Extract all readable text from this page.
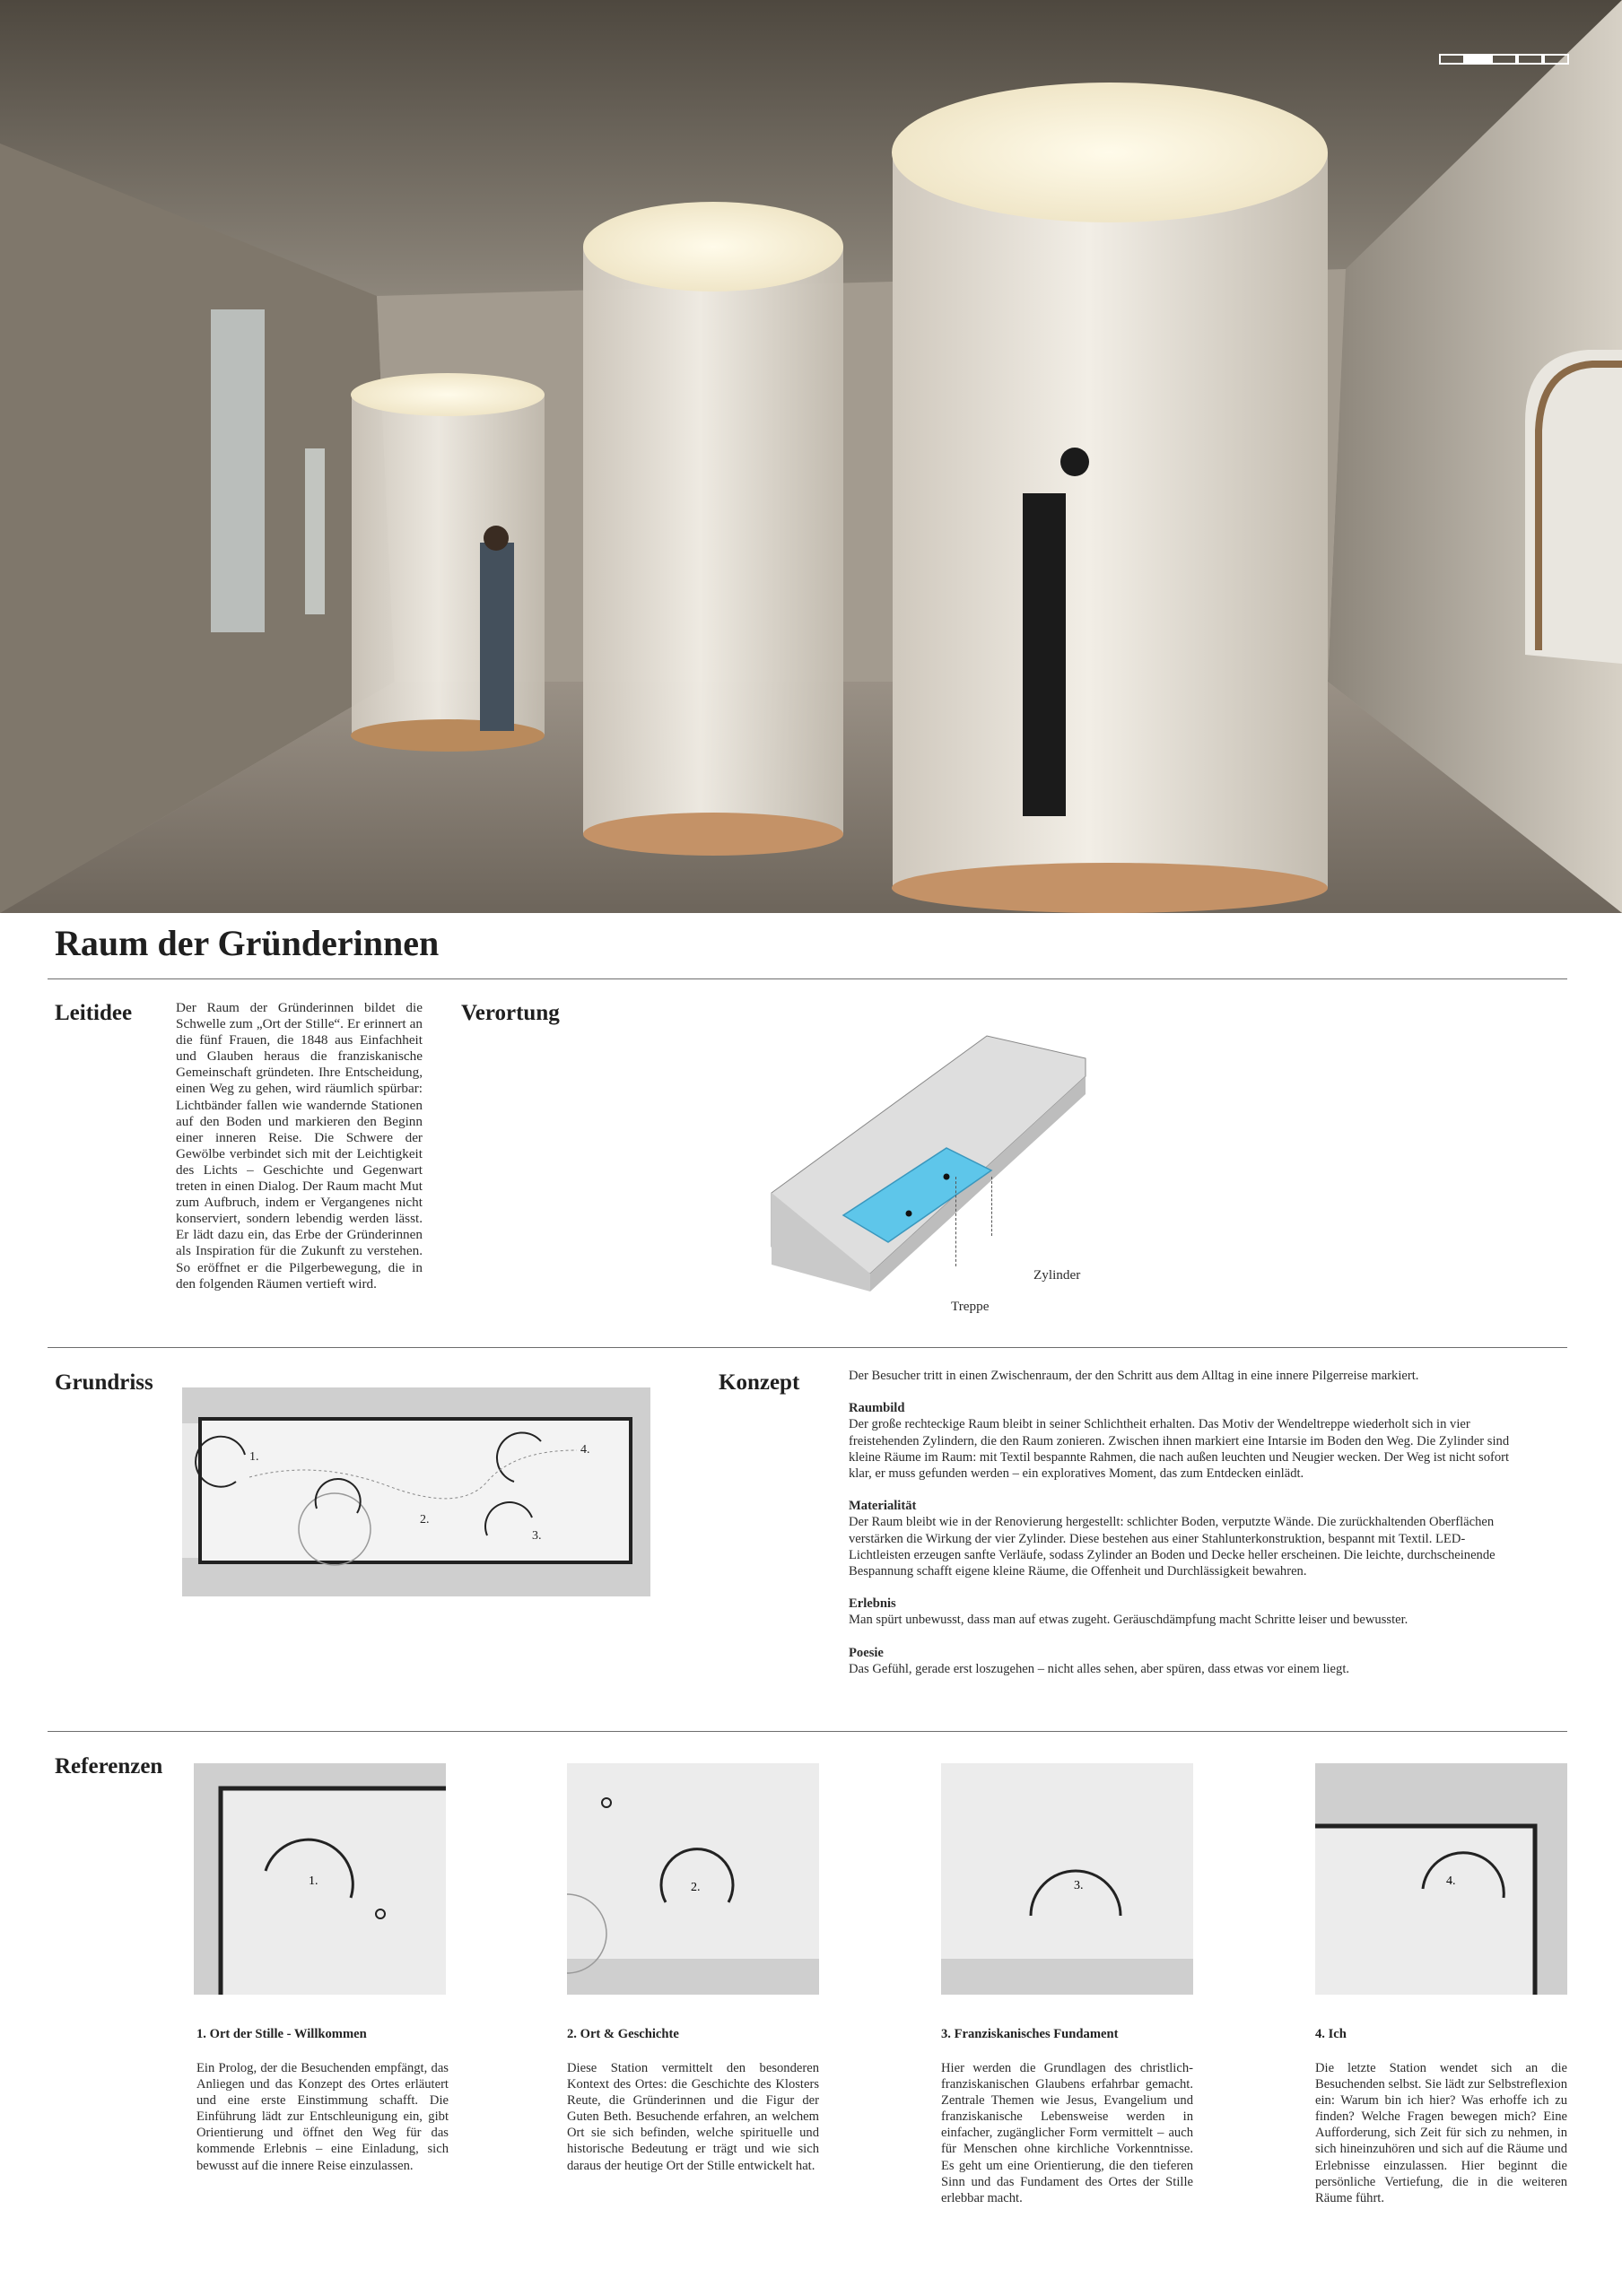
Raum der Gründerinnen
Leitidee	Der Raum der Gründerinnen bildet die Schwelle zum „Ort der Stille“. Er erinnert an die fünf Frauen, die 1848 aus Einfachheit und Glauben heraus die franziskanische Gemeinschaft gründeten. Ihre Entscheidung, einen Weg zu gehen, wird räumlich spürbar: Lichtbänder fallen wie wandernde Stationen auf den Boden und markieren den Beginn einer inneren Reise. Die Schwere der Gewölbe verbindet sich mit der Leichtigkeit des Lichts – Geschichte und Gegenwart treten in einen Dialog. Der Raum macht Mut zum Aufbruch, indem er Vergangenes nicht konserviert, sondern lebendig werden lässt. Er lädt dazu ein, das Erbe der Gründerinnen als Inspiration für die Zukunft zu verstehen. So eröffnet er die Pilgerbewegung, die in den folgenden Räumen vertieft wird.
Verortung
Zylinder
Treppe
Grundriss
1.
2.
3.
4.
Konzept	Der Besucher tritt in einen Zwischenraum, der den Schritt aus dem Alltag in eine innere Pilgerreise markiert.

Raumbild
Der große rechteckige Raum bleibt in seiner Schlichtheit erhalten. Das Motiv der Wendeltreppe wiederholt sich in vier freistehenden Zylindern, die den Raum zonieren. Zwischen ihnen markiert eine Intarsie im Boden den Weg. Die Zylinder sind kleine Räume im Raum: mit Textil bespannte Rahmen, die nach außen leuchten und Neugier wecken. Der Weg ist nicht sofort klar, er muss gefunden werden – ein exploratives Moment, das zum Entdecken einlädt.

Materialität
Der Raum bleibt wie in der Renovierung hergestellt: schlichter Boden, verputzte Wände. Die zurückhaltenden Oberflächen verstärken die Wirkung der vier Zylinder. Diese bestehen aus einer Stahlunterkonstruktion, bespannt mit Textil. LED-Lichtleisten erzeugen sanfte Verläufe, sodass Zylinder an Boden und Decke heller erscheinen. Die leichte, durchscheinende Bespannung schafft eigene kleine Räume, die Offenheit und Durchlässigkeit bewahren.

Erlebnis
Man spürt unbewusst, dass man auf etwas zugeht. Geräuschdämpfung macht Schritte leiser und bewusster.

Poesie
Das Gefühl, gerade erst loszugehen – nicht alles sehen, aber spüren, dass etwas vor einem liegt.

Referenzen
1.	2.	3.	4.
1. Ort der Stille - Willkommen	2. Ort & Geschichte	3. Franziskanisches Fundament	4. Ich
Ein Prolog, der die Besuchenden empfängt, das Anliegen und das Konzept des Ortes erläutert und eine erste Einstimmung schafft. Die Einführung lädt zur Entschleunigung ein, gibt Orientierung und öffnet den Weg für das kommende Erlebnis – eine Einladung, sich bewusst auf die innere Reise einzulassen.
Diese Station vermittelt den besonderen Kontext des Ortes: die Geschichte des Klosters Reute, die Gründerinnen und die Figur der Guten Beth. Besuchende erfahren, an welchem Ort sie sich befinden, welche spirituelle und historische Bedeutung er trägt und wie sich daraus der heutige Ort der Stille entwickelt hat.
Hier werden die Grundlagen des christlich-franziskanischen Glaubens erfahrbar gemacht. Zentrale Themen wie Jesus, Evangelium und franziskanische Lebensweise werden in einfacher, zugänglicher Form vermittelt – auch für Menschen ohne kirchliche Vorkenntnisse. Es geht um eine Orientierung, die den tieferen Sinn und das Fundament des Ortes der Stille erlebbar macht.
Die letzte Station wendet sich an die Besuchenden selbst. Sie lädt zur Selbstreflexion ein: Warum bin ich hier? Was erhoffe ich zu finden? Welche Fragen bewegen mich? Eine Aufforderung, sich Zeit für sich zu nehmen, in sich hineinzuhören und sich auf die Räume und Erlebnisse einzulassen. Hier beginnt die persönliche Vertiefung, die in die weiteren Räume führt.
